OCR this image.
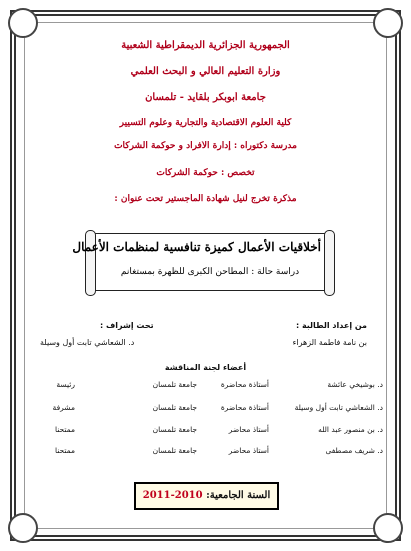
الجمهورية الجزائرية الديمقراطية الشعبية
وزارة التعليم العالي و البحث العلمي
جامعة أبوبكر بلقايد - تلمسان
كلية العلوم الاقتصادية والتجارية وعلوم التسيير
مدرسة دكتوراه : إدارة الأفراد و حوكمة الشركات
تخصص : حوكمة الشركات
مذكرة تخرج لنيل شهادة الماجستير تحت عنوان :
أخلاقيات الأعمال كميزة تنافسية لمنظمات الأعمال
دراسة حالة : المطاحن الكبرى للظهرة بمستغانم
من إعداد الطالبة :
بن نامة فاطمة الزهراء
تحت إشراف :
د. الشعاشي تابت أول وسيلة
أعضاء لجنة المناقشة
د. بوشيخي عائشة
أستاذة محاضرة
جامعة تلمسان
رئيسة
د. الشعاشي تابت أول وسيلة
أستاذة محاضرة
جامعة تلمسان
مشرفة
د. بن منصور عبد الله
أستاذ محاضر
جامعة تلمسان
ممتحنا
د. شريف مصطفى
أستاذ محاضر
جامعة تلمسان
ممتحنا
السنة الجامعية: 2010-2011
